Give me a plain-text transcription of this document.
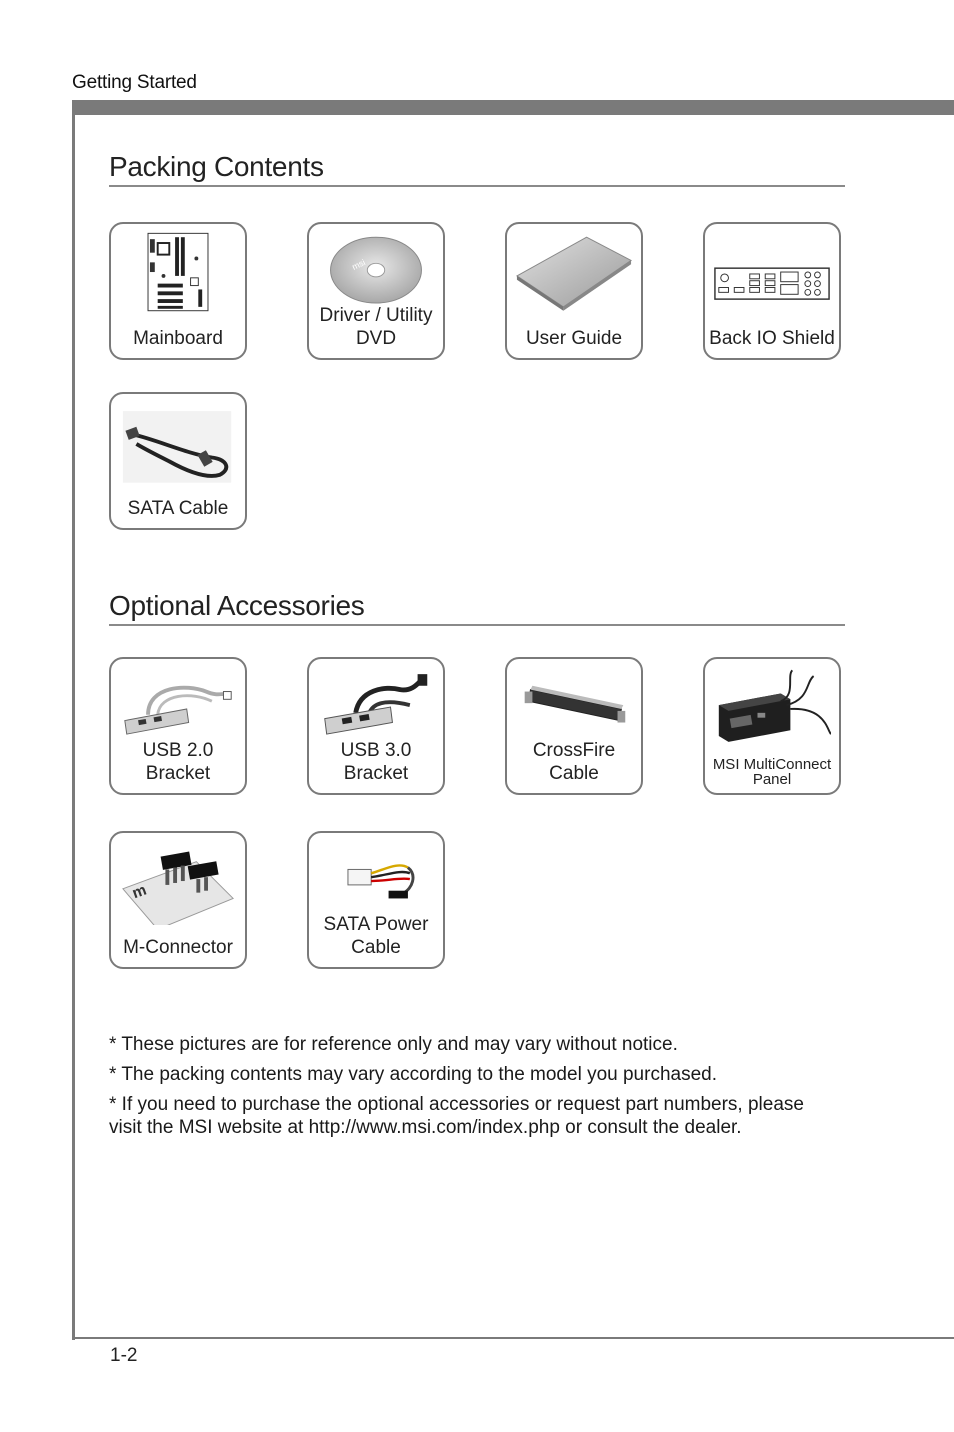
Getting Started
Packing Contents
Mainboard
msi
Driver / Utility DVD	User Guide	Back IO Shield
SATA Cable
Optional Accessories
USB 2.0 Bracket
USB 3.0 Bracket
CrossFire Cable	MSI MultiConnect Panel
m
M-Connector
SATA Power Cable

* These pictures are for reference only and may vary without notice.

* The packing contents may vary according to the model you purchased.

* If you need to purchase the optional accessories or request part numbers, please visit the MSI website at http://www.msi.com/index.php or consult the dealer.

1-2
